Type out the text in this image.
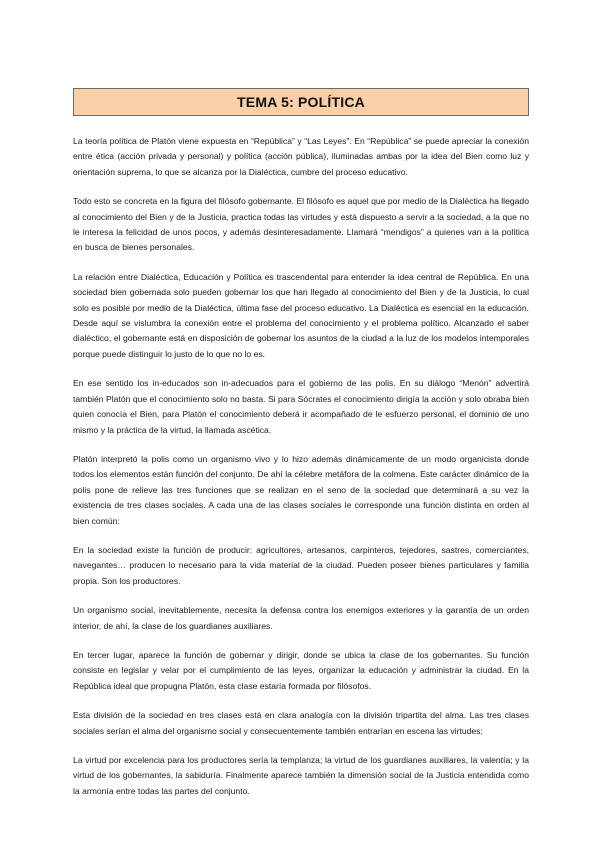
TEMA 5: POLÍTICA

La teoría política de Platón viene expuesta en “República” y “Las Leyes”. En “República” se puede apreciar la conexión entre ética (acción privada y personal) y política (acción pública), iluminadas ambas por la idea del Bien como luz y orientación suprema, lo que se alcanza por la Dialéctica, cumbre del proceso educativo.

Todo esto se concreta en la figura del filósofo gobernante. El filósofo es aquel que por medio de la Dialéctica ha llegado al conocimiento del Bien y de la Justicia, practica todas las virtudes y está dispuesto a servir a la sociedad, a la que no le interesa la felicidad de unos pocos, y además desinteresadamente. Llamará “mendigos” a quienes van a la política en busca de bienes personales.

La relación entre Dialéctica, Educación y Política es trascendental para entender la idea central de República. En una sociedad bien gobernada solo pueden gobernar los que han llegado al conocimiento del Bien y de la Justicia, lo cual solo es posible por medio de la Dialéctica, última fase del proceso educativo. La Dialéctica es esencial en la educación. Desde aquí se vislumbra la conexión entre el problema del conocimiento y el problema político. Alcanzado el saber dialéctico, el gobernante está en disposición de gobernar los asuntos de la ciudad a la luz de los modelos intemporales porque puede distinguir lo justo de lo que no lo es.

En ese sentido los in-educados son in-adecuados para el gobierno de las polis. En su diálogo “Menón” advertirá también Platón que el conocimiento solo no basta. Si para Sócrates el conocimiento dirigía la acción y solo obraba bien quien conocía el Bien, para Platón el conocimiento deberá ir acompañado de le esfuerzo personal, el dominio de uno mismo y la práctica de la virtud, la llamada ascética.

Platón interpretó la polis como un organismo vivo y lo hizo además dinámicamente de un modo organicista donde todos los elementos están función del conjunto. De ahí la célebre metáfora de la colmena. Este carácter dinámico de la polis pone de relieve las tres funciones que se realizan en el seno de la sociedad que determinará a su vez la existencia de tres clases sociales. A cada una de las clases sociales le corresponde una función distinta en orden al bien común:

En la sociedad existe la función de producir: agricultores, artesanos, carpinteros, tejedores, sastres, comerciantes, navegantes… producen lo necesario para la vida material de la ciudad. Pueden poseer bienes particulares y familia propia. Son los productores.

Un organismo social, inevitablemente, necesita la defensa contra los enemigos exteriores y la garantía de un orden interior, de ahí, la clase de los guardianes auxiliares.

En tercer lugar, aparece la función de gobernar y dirigir, donde se ubica la clase de los gobernantes. Su función consiste en legislar y velar por el cumplimiento de las leyes, organizar la educación y administrar la ciudad. En la República ideal que propugna Platón, esta clase estaría formada por filósofos.

Esta división de la sociedad en tres clases está en clara analogía con la división tripartita del alma. Las tres clases sociales serían el alma del organismo social y consecuentemente también entrarían en escena las virtudes:

La virtud por excelencia para los productores sería la templanza; la virtud de los guardianes auxiliares, la valentía; y la virtud de los gobernantes, la sabiduría. Finalmente aparece también la dimensión social de la Justicia entendida como la armonía entre todas las partes del conjunto.
